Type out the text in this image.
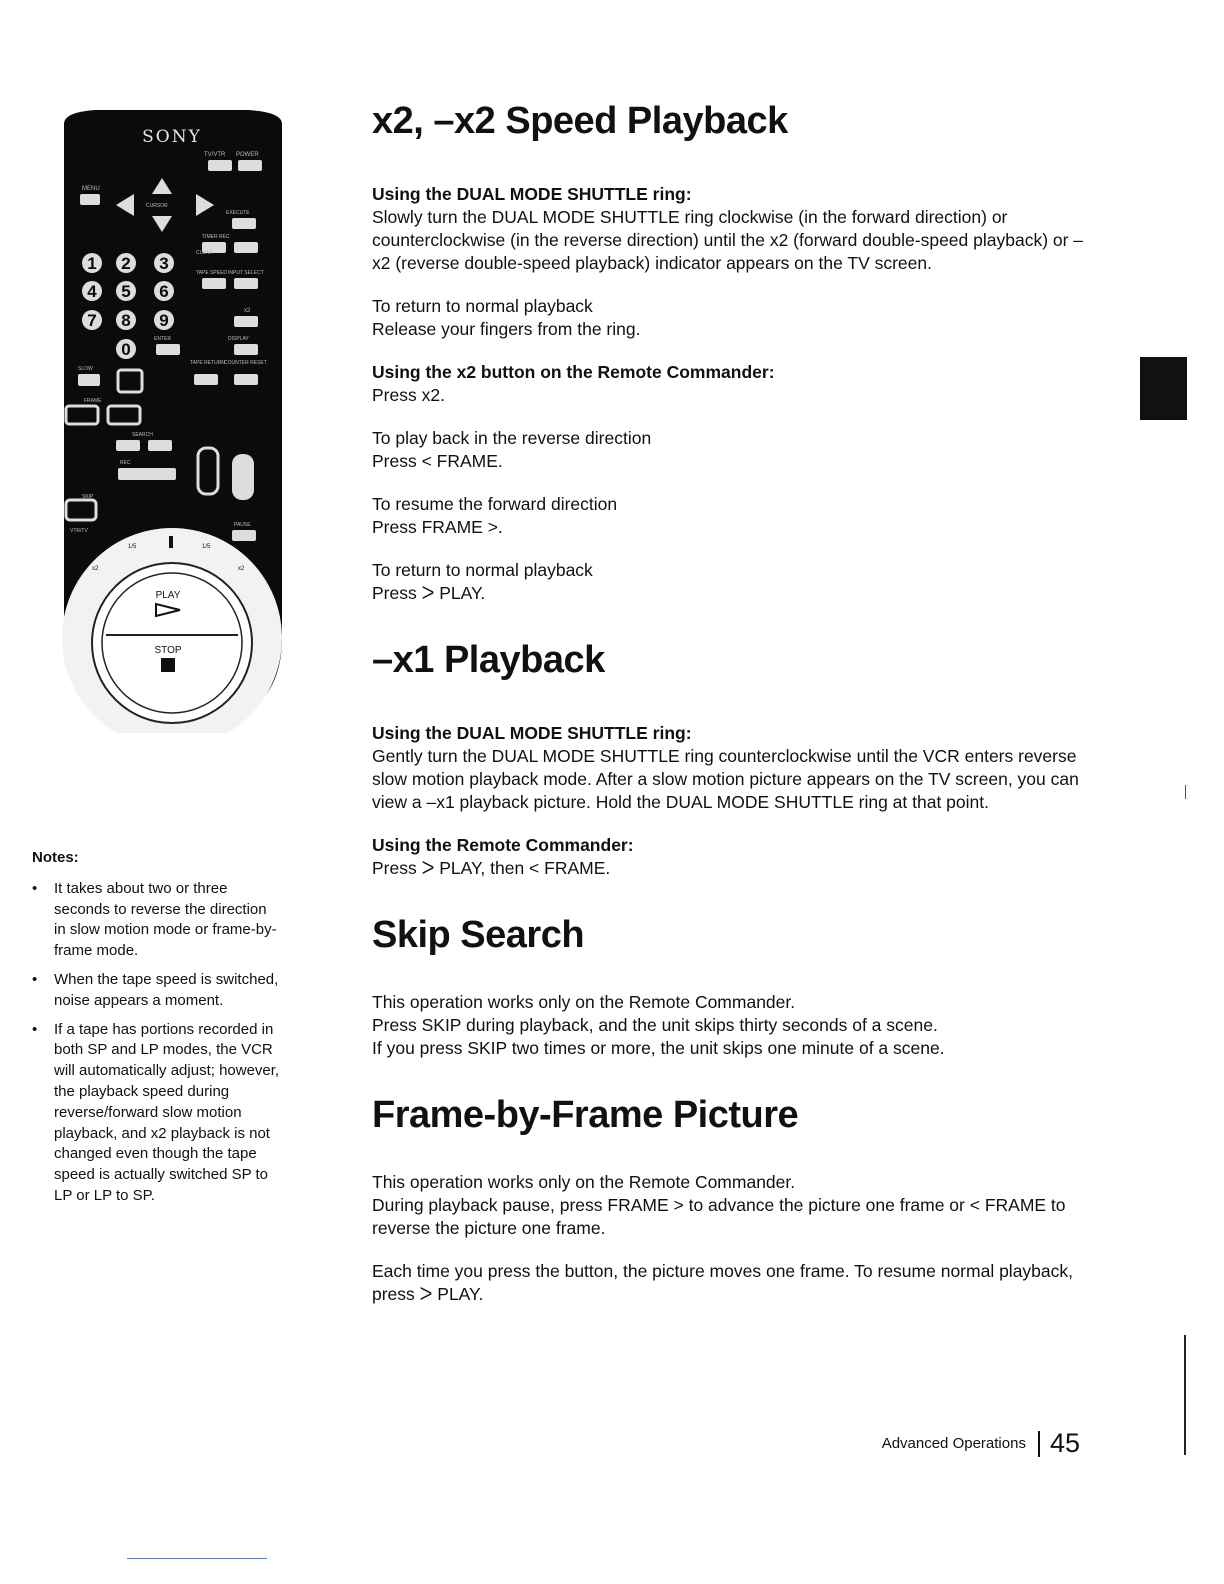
SONY
TV/VTR POWER
MENU
CURSOR
EXECUTE
1 2 3
4 5 6
7 8 9
0
TIMER REC
CLEAR
TAPE SPEED INPUT SELECT
x2
DISPLAY
ENTER
TAPE RETURN COUNTER RESET
SLOW
FRAME
SEARCH
REC
SKIP
VTR/TV
PAUSE
PLAY
STOP
1/5	1/5
x2	x2
Notes:
• It takes about two or three seconds to reverse the direction in slow motion mode or frame-by-frame mode.
• When the tape speed is switched, noise appears a moment.
• If a tape has portions recorded in both SP and LP modes, the VCR will automatically adjust; however, the playback speed during reverse/forward slow motion playback, and x2 playback is not changed even though the tape speed is actually switched SP to LP or LP to SP.
x2, –x2 Speed Playback
Using the DUAL MODE SHUTTLE ring:

Slowly turn the DUAL MODE SHUTTLE ring clockwise (in the forward direction) or counterclockwise (in the reverse direction) until the x2 (forward double-speed playback) or –x2 (reverse double-speed playback) indicator appears on the TV screen.

To return to normal playback

Release your fingers from the ring.

Using the x2 button on the Remote Commander:

Press x2.

To play back in the reverse direction

Press < FRAME.

To resume the forward direction

Press FRAME >.

To return to normal playback

Press ᐳ PLAY.

–x1 Playback
Using the DUAL MODE SHUTTLE ring:

Gently turn the DUAL MODE SHUTTLE ring counterclockwise until the VCR enters reverse slow motion playback mode. After a slow motion picture appears on the TV screen, you can view a –x1 playback picture. Hold the DUAL MODE SHUTTLE ring at that point.

Using the Remote Commander:

Press ᐳ PLAY, then < FRAME.

Skip Search

This operation works only on the Remote Commander.

Press SKIP during playback, and the unit skips thirty seconds of a scene.

If you press SKIP two times or more, the unit skips one minute of a scene.

Frame-by-Frame Picture

This operation works only on the Remote Commander.

During playback pause, press FRAME > to advance the picture one frame or < FRAME to reverse the picture one frame.

Each time you press the button, the picture moves one frame. To resume normal playback, press ᐳ PLAY.

Advanced Operations 45
